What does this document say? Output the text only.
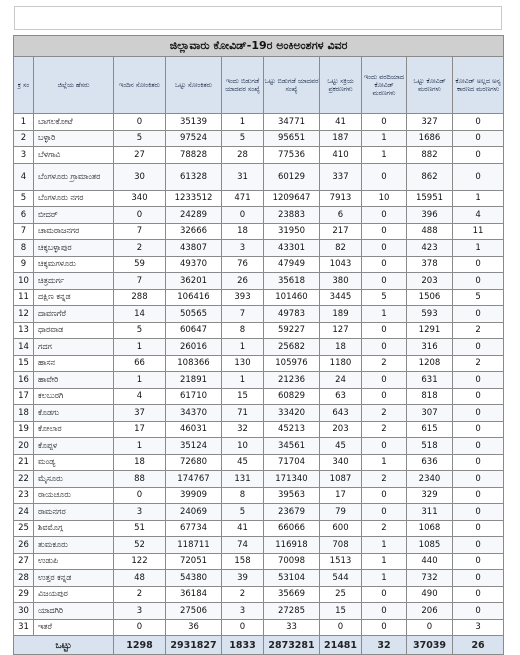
ಜಿಲ್ಲಾವಾರು ಕೋವಿಡ್-19ರ ಅಂಕಿಅಂಶಗಳ ವಿವರ									
ಕ್ರ ಸಂ	ಜಿಲ್ಲೆಯ ಹೆಸರು	ಇಂದಿನ ಸೋಂಕಿತರು	ಒಟ್ಟು ಸೋಂಕಿತರು	ಇಂದು ಬಿಡುಗಡೆ ಯಾದವರ ಸಂಖ್ಯೆ	ಒಟ್ಟು ಬಿಡುಗಡೆ ಯಾದವರ ಸಂಖ್ಯೆ	ಒಟ್ಟು ಸಕ್ರಿಯ ಪ್ರಕರಣಗಳು	ಇಂದು ವರದಿಯಾದ ಕೋವಿಡ್ ಮರಣಗಳು	ಒಟ್ಟು ಕೋವಿಡ್ ಮರಣಗಳು	ಕೋವಿಡ್ ಅಲ್ಲದ ಅನ್ಯ ಕಾರಣದ ಮರಣಗಳು
1	ಬಾಗಲಕೋಟೆ	0	35139	1	34771	41	0	327	0
2	ಬಳ್ಳಾರಿ	5	97524	5	95651	187	1	1686	0
3	ಬೆಳಗಾವಿ	27	78828	28	77536	410	1	882	0
4	ಬೆಂಗಳೂರು ಗ್ರಾಮಾಂತರ	30	61328	31	60129	337	0	862	0
5	ಬೆಂಗಳೂರು ನಗರ	340	1233512	471	1209647	7913	10	15951	1
6	ಬೀದರ್	0	24289	0	23883	6	0	396	4
7	ಚಾಮರಾಜನಗರ	7	32666	18	31950	217	0	488	11
8	ಚಿಕ್ಕಬಳ್ಳಾಪುರ	2	43807	3	43301	82	0	423	1
9	ಚಿಕ್ಕಮಗಳೂರು	59	49370	76	47949	1043	0	378	0
10	ಚಿತ್ರದುರ್ಗ	7	36201	26	35618	380	0	203	0
11	ದಕ್ಷಿಣ ಕನ್ನಡ	288	106416	393	101460	3445	5	1506	5
12	ದಾವಣಗೆರೆ	14	50565	7	49783	189	1	593	0
13	ಧಾರವಾಡ	5	60647	8	59227	127	0	1291	2
14	ಗದಗ	1	26016	1	25682	18	0	316	0
15	ಹಾಸನ	66	108366	130	105976	1180	2	1208	2
16	ಹಾವೇರಿ	1	21891	1	21236	24	0	631	0
17	ಕಲಬುರಗಿ	4	61710	15	60829	63	0	818	0
18	ಕೊಡಗು	37	34370	71	33420	643	2	307	0
19	ಕೋಲಾರ	17	46031	32	45213	203	2	615	0
20	ಕೊಪ್ಪಳ	1	35124	10	34561	45	0	518	0
21	ಮಂಡ್ಯ	18	72680	45	71704	340	1	636	0
22	ಮೈಸೂರು	88	174767	131	171340	1087	2	2340	0
23	ರಾಯಚೂರು	0	39909	8	39563	17	0	329	0
24	ರಾಮನಗರ	3	24069	5	23679	79	0	311	0
25	ಶಿವಮೊಗ್ಗ	51	67734	41	66066	600	2	1068	0
26	ತುಮಕೂರು	52	118711	74	116918	708	1	1085	0
27	ಉಡುಪಿ	122	72051	158	70098	1513	1	440	0
28	ಉತ್ತರ ಕನ್ನಡ	48	54380	39	53104	544	1	732	0
29	ವಿಜಯಪುರ	2	36184	2	35669	25	0	490	0
30	ಯಾದಗಿರಿ	3	27506	3	27285	15	0	206	0
31	ಇತರೆ	0	36	0	33	0	0	0	3
ಒಟ್ಟು		1298	2931827	1833	2873281	21481	32	37039	26
